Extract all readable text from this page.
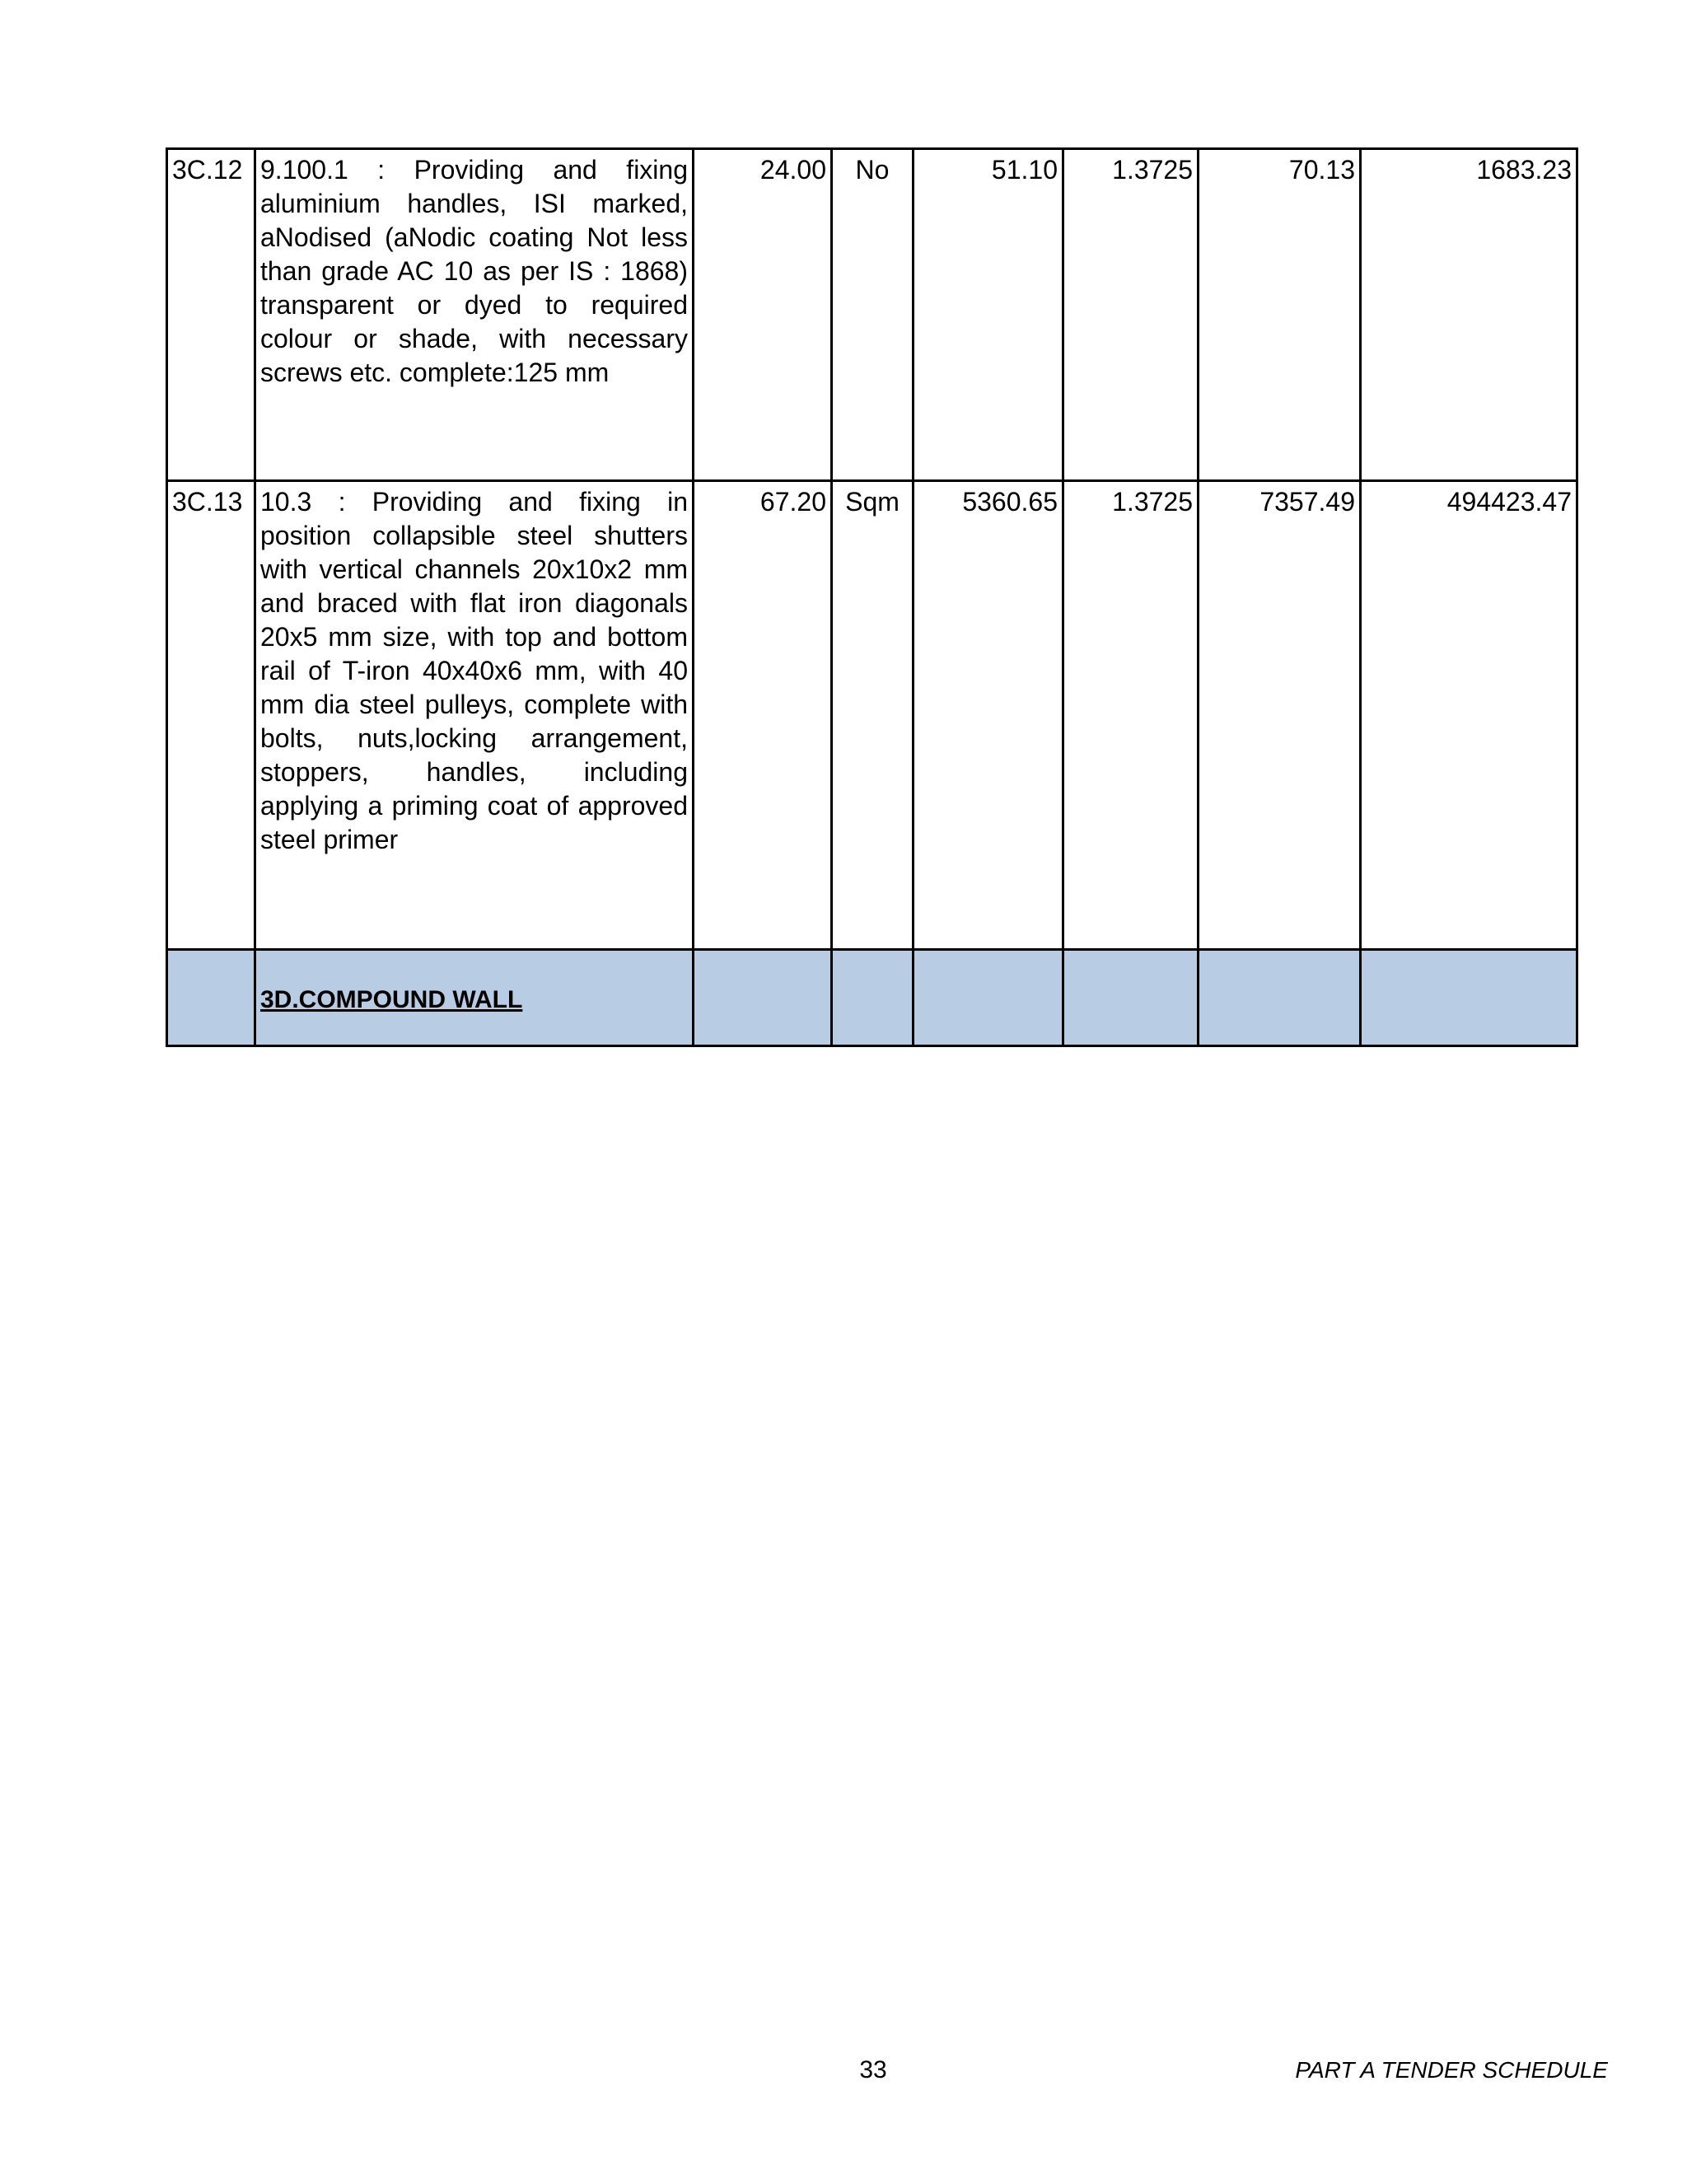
3C.12	9.100.1 : Providing and fixing aluminium handles, ISI marked, aNodised (aNodic coating Not less than grade AC 10 as per IS : 1868) transparent or dyed to required colour or shade, with necessary screws etc. complete:125 mm	24.00	No	51.10	1.3725	70.13	1683.23
3C.13	10.3 : Providing and fixing in position collapsible steel shutters with vertical channels 20x10x2 mm and braced with flat iron diagonals 20x5 mm size, with top and bottom rail of T-iron 40x40x6 mm, with 40 mm dia steel pulleys, complete with bolts, nuts,locking arrangement, stoppers, handles, including applying a priming coat of approved steel primer	67.20	Sqm	5360.65	1.3725	7357.49	494423.47
	3D.COMPOUND WALL						
33	PART A TENDER SCHEDULE
